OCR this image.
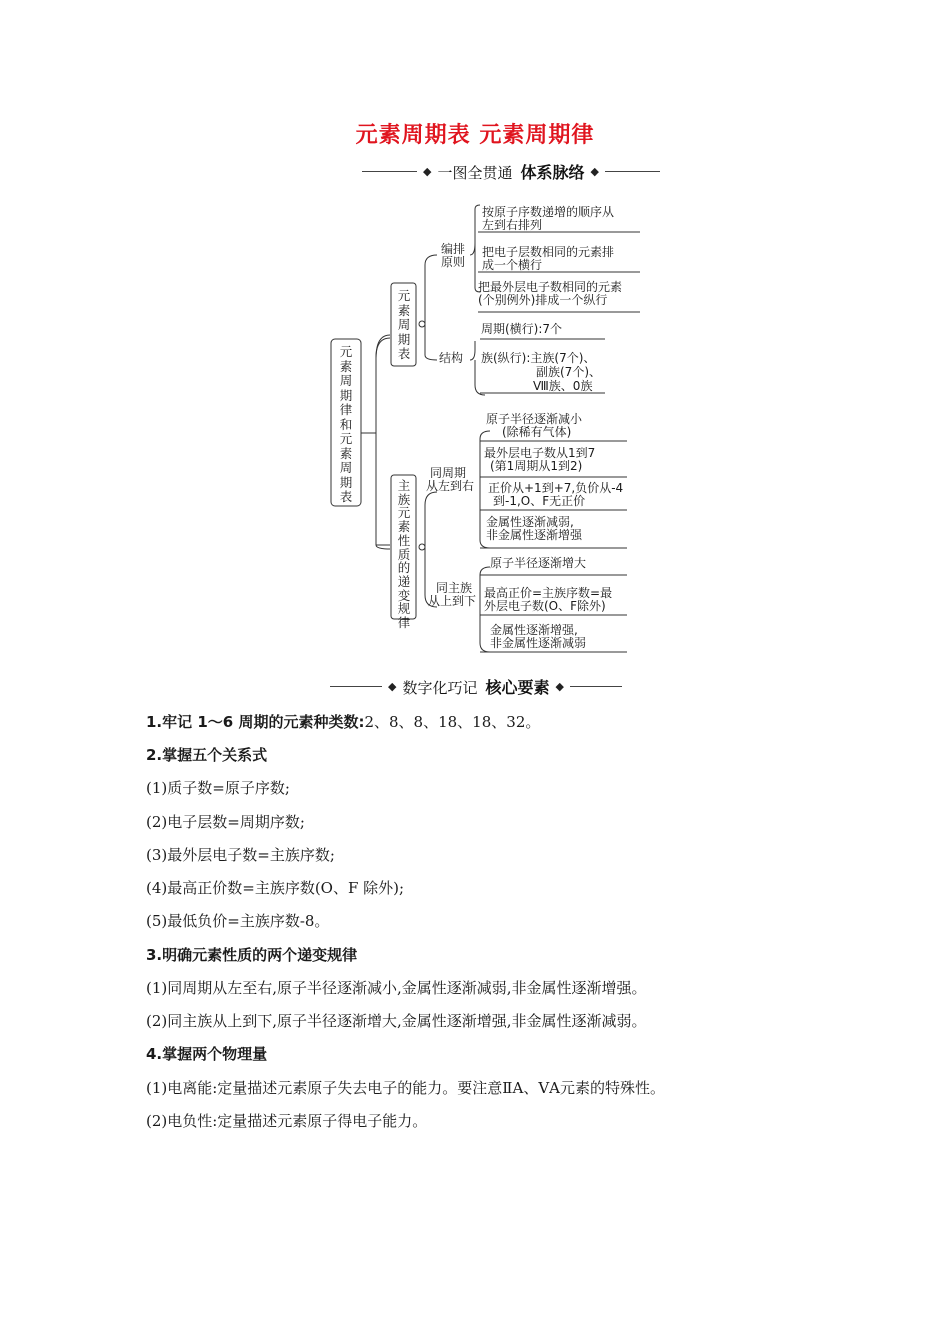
元素周期表 元素周期律
◆ 一图全贯通 体系脉络 ◆
元素周期律和元素周期表
元素周期表
编排原则
按原子序数递增的顺序从
左到右排列
把电子层数相同的元素排
成一个横行
把最外层电子数相同的元素
(个别例外)排成一个纵行
结构
周期(横行):7个
族(纵行):主族(7个)、
副族(7个)、
Ⅷ族、0族
主族元素性质的递变规律
同周期
从左到右
原子半径逐渐减小
(除稀有气体)
最外层电子数从1到7
(第1周期从1到2)
正价从+1到+7,负价从-4
到-1,O、F无正价
金属性逐渐减弱,
非金属性逐渐增强
同主族
从上到下
原子半径逐渐增大
最高正价=主族序数=最
外层电子数(O、F除外)
金属性逐渐增强,
非金属性逐渐减弱
◆ 数字化巧记 核心要素 ◆
1.牢记 1～6 周期的元素种类数:2、8、8、18、18、32。
2.掌握五个关系式
(1)质子数=原子序数;
(2)电子层数=周期序数;
(3)最外层电子数=主族序数;
(4)最高正价数=主族序数(O、F 除外);
(5)最低负价=主族序数-8。
3.明确元素性质的两个递变规律
(1)同周期从左至右,原子半径逐渐减小,金属性逐渐减弱,非金属性逐渐增强。
(2)同主族从上到下,原子半径逐渐增大,金属性逐渐增强,非金属性逐渐减弱。
4.掌握两个物理量
(1)电离能:定量描述元素原子失去电子的能力。要注意ⅡA、ⅤA元素的特殊性。
(2)电负性:定量描述元素原子得电子能力。
